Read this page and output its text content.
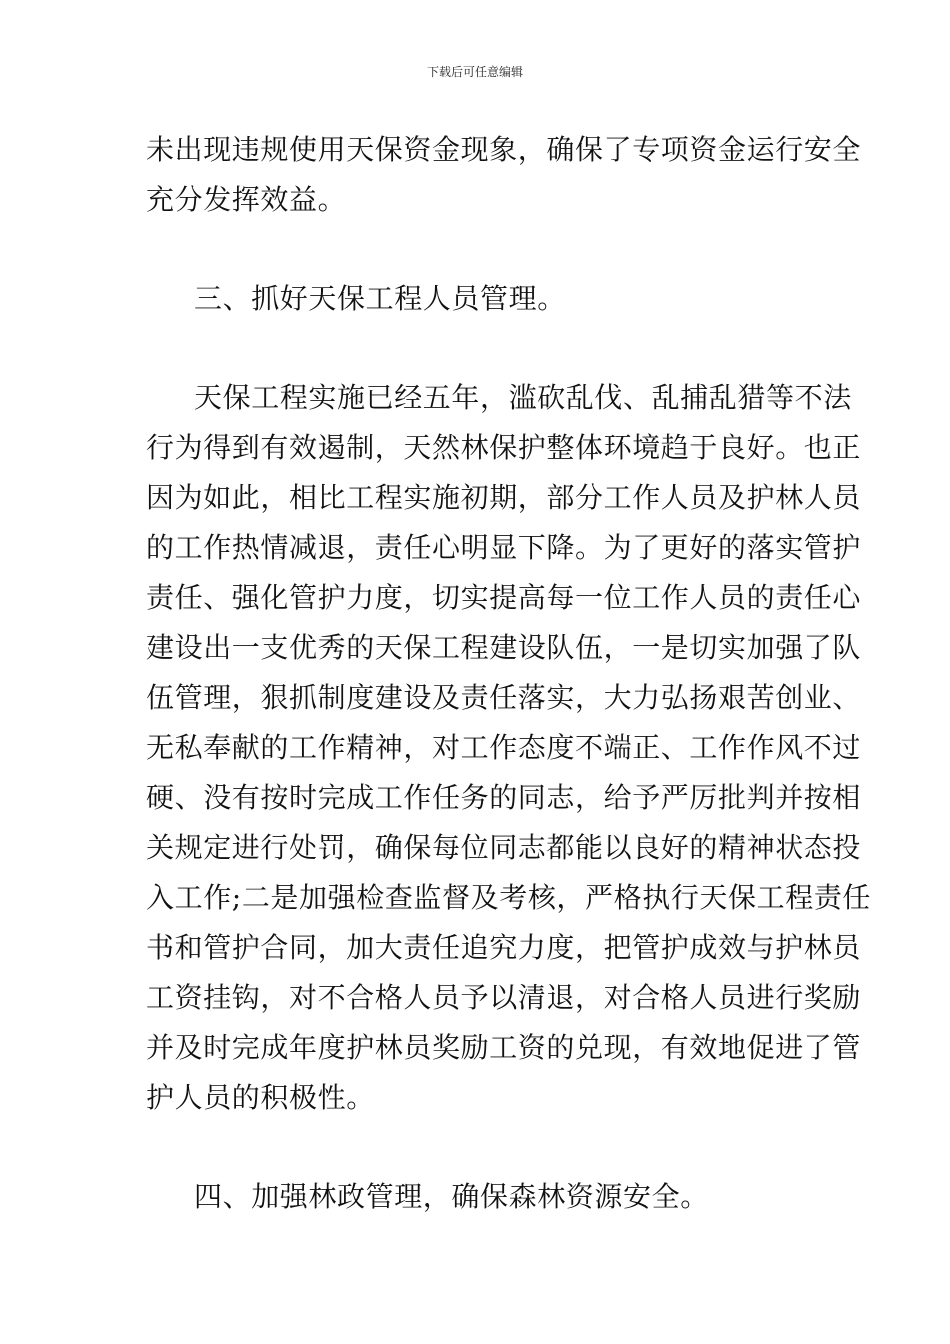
下载后可任意编辑
未出现违规使用天保资金现象，确保了专项资金运行安全
充分发挥效益。
三、抓好天保工程人员管理。
天保工程实施已经五年，滥砍乱伐、乱捕乱猎等不法
行为得到有效遏制，天然林保护整体环境趋于良好。也正
因为如此，相比工程实施初期，部分工作人员及护林人员
的工作热情减退，责任心明显下降。为了更好的落实管护
责任、强化管护力度，切实提高每一位工作人员的责任心
建设出一支优秀的天保工程建设队伍，一是切实加强了队
伍管理，狠抓制度建设及责任落实，大力弘扬艰苦创业、
无私奉献的工作精神，对工作态度不端正、工作作风不过
硬、没有按时完成工作任务的同志，给予严厉批判并按相
关规定进行处罚，确保每位同志都能以良好的精神状态投
入工作;二是加强检查监督及考核，严格执行天保工程责任
书和管护合同，加大责任追究力度，把管护成效与护林员
工资挂钩，对不合格人员予以清退，对合格人员进行奖励
并及时完成年度护林员奖励工资的兑现，有效地促进了管
护人员的积极性。
四、加强林政管理，确保森林资源安全。
